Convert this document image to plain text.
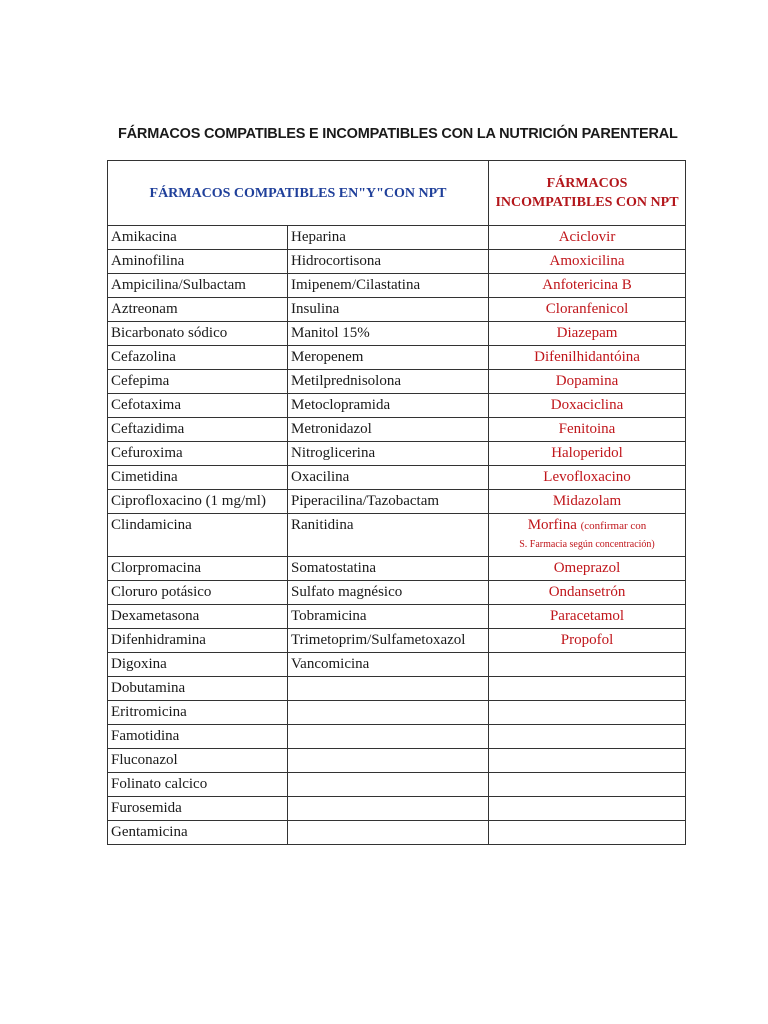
FÁRMACOS COMPATIBLES E INCOMPATIBLES CON LA NUTRICIÓN PARENTERAL
FÁRMACOS COMPATIBLES EN"Y"CON NPT		FÁRMACOS INCOMPATIBLES CON NPT
Amikacina	Heparina	Aciclovir
Aminofilina	Hidrocortisona	Amoxicilina
Ampicilina/Sulbactam	Imipenem/Cilastatina	Anfotericina B
Aztreonam	Insulina	Cloranfenicol
Bicarbonato sódico	Manitol 15%	Diazepam
Cefazolina	Meropenem	Difenilhidantóina
Cefepima	Metilprednisolona	Dopamina
Cefotaxima	Metoclopramida	Doxaciclina
Ceftazidima	Metronidazol	Fenitoina
Cefuroxima	Nitroglicerina	Haloperidol
Cimetidina	Oxacilina	Levofloxacino
Ciprofloxacino (1 mg/ml)	Piperacilina/Tazobactam	Midazolam
Clindamicina	Ranitidina	Morfina (confirmar con
S. Farmacia según concentración)

Clorpromacina	Somatostatina	Omeprazol
Cloruro potásico	Sulfato magnésico	Ondansetrón
Dexametasona	Tobramicina	Paracetamol
Difenhidramina	Trimetoprim/Sulfametoxazol	Propofol
Digoxina	Vancomicina	
Dobutamina		
Eritromicina		
Famotidina		
Fluconazol		
Folinato calcico		
Furosemida		
Gentamicina		
